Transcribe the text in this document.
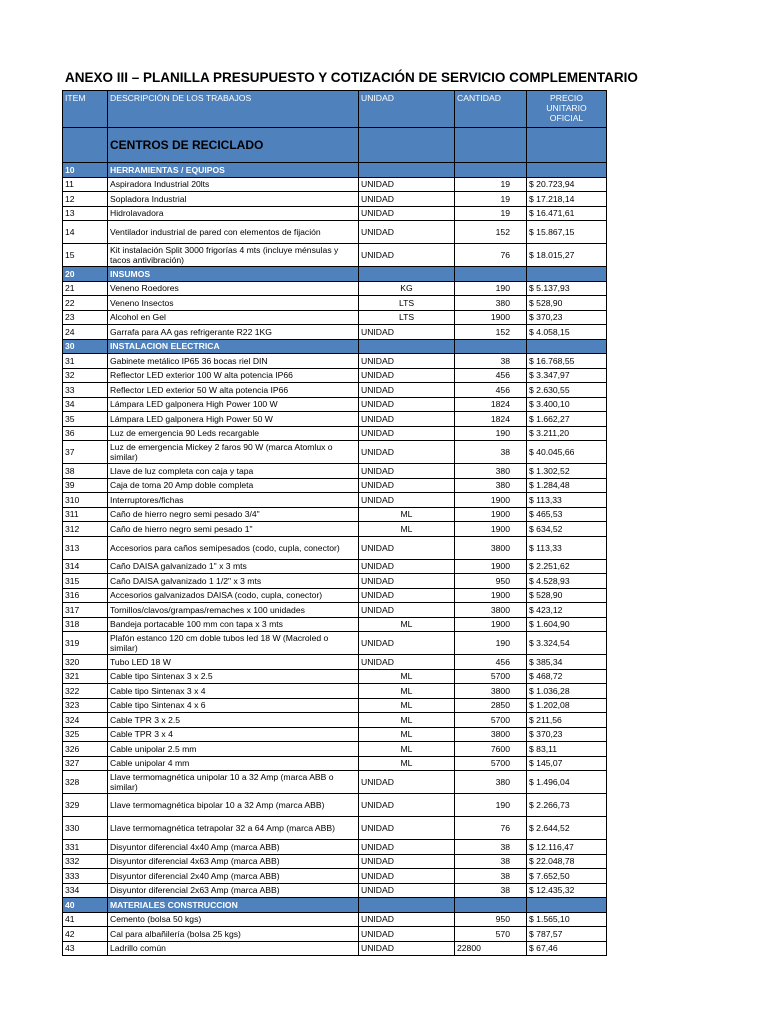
ANEXO III – PLANILLA PRESUPUESTO Y COTIZACIÓN DE SERVICIO COMPLEMENTARIO
ITEM	DESCRIPCIÓN DE LOS TRABAJOS	UNIDAD	CANTIDAD	PRECIO UNITARIO OFICIAL
	CENTROS DE RECICLADO			
10	HERRAMIENTAS / EQUIPOS			
11	Aspiradora Industrial 20lts	UNIDAD	19	$ 20.723,94
12	Sopladora Industrial	UNIDAD	19	$ 17.218,14
13	Hidrolavadora	UNIDAD	19	$ 16.471,61
14	Ventilador industrial de pared con elementos de fijación	UNIDAD	152	$ 15.867,15
15	Kit instalación Split 3000 frigorías 4 mts (incluye ménsulas y tacos antivibración)	UNIDAD	76	$ 18.015,27
20	INSUMOS			
21	Veneno Roedores	KG	190	$ 5.137,93
22	Veneno Insectos	LTS	380	$ 528,90
23	Alcohol en Gel	LTS	1900	$ 370,23
24	Garrafa para AA gas refrigerante R22 1KG	UNIDAD	152	$ 4.058,15
30	INSTALACION ELECTRICA			
31	Gabinete metálico IP65 36 bocas riel DIN	UNIDAD	38	$ 16.768,55
32	Reflector LED exterior 100 W alta potencia IP66	UNIDAD	456	$ 3.347,97
33	Reflector LED exterior 50 W alta potencia IP66	UNIDAD	456	$ 2.630,55
34	Lámpara LED galponera High Power 100 W	UNIDAD	1824	$ 3.400,10
35	Lámpara LED galponera High Power 50 W	UNIDAD	1824	$ 1.662,27
36	Luz de emergencia 90 Leds recargable	UNIDAD	190	$ 3.211,20
37	Luz de emergencia Mickey 2 faros 90 W (marca Atomlux o similar)	UNIDAD	38	$ 40.045,66
38	Llave de luz completa con caja y tapa	UNIDAD	380	$ 1.302,52
39	Caja de toma 20 Amp doble completa	UNIDAD	380	$ 1.284,48
310	Interruptores/fichas	UNIDAD	1900	$ 113,33
311	Caño de hierro negro semi pesado 3/4"	ML	1900	$ 465,53
312	Caño de hierro negro semi pesado 1"	ML	1900	$ 634,52
313	Accesorios para caños semipesados (codo, cupla, conector)	UNIDAD	3800	$ 113,33
314	Caño DAISA galvanizado 1" x 3 mts	UNIDAD	1900	$ 2.251,62
315	Caño DAISA galvanizado 1 1/2" x 3 mts	UNIDAD	950	$ 4.528,93
316	Accesorios galvanizados DAISA (codo, cupla, conector)	UNIDAD	1900	$ 528,90
317	Tornillos/clavos/grampas/remaches x 100 unidades	UNIDAD	3800	$ 423,12
318	Bandeja portacable 100 mm con tapa x 3 mts	ML	1900	$ 1.604,90
319	Plafón estanco 120 cm doble tubos led 18 W (Macroled o similar)	UNIDAD	190	$ 3.324,54
320	Tubo LED 18 W	UNIDAD	456	$ 385,34
321	Cable tipo Sintenax 3 x 2.5	ML	5700	$ 468,72
322	Cable tipo Sintenax 3 x 4	ML	3800	$ 1.036,28
323	Cable tipo Sintenax 4 x 6	ML	2850	$ 1.202,08
324	Cable TPR 3 x 2.5	ML	5700	$ 211,56
325	Cable TPR 3 x 4	ML	3800	$ 370,23
326	Cable unipolar 2.5 mm	ML	7600	$ 83,11
327	Cable unipolar 4 mm	ML	5700	$ 145,07
328	Llave termomagnética unipolar 10 a 32 Amp (marca ABB o similar)	UNIDAD	380	$ 1.496,04
329	Llave termomagnética bipolar 10 a 32 Amp (marca ABB)	UNIDAD	190	$ 2.266,73
330	Llave termomagnética tetrapolar 32 a 64 Amp (marca ABB)	UNIDAD	76	$ 2.644,52
331	Disyuntor diferencial 4x40 Amp (marca ABB)	UNIDAD	38	$ 12.116,47
332	Disyuntor diferencial 4x63 Amp (marca ABB)	UNIDAD	38	$ 22.048,78
333	Disyuntor diferencial 2x40 Amp (marca ABB)	UNIDAD	38	$ 7.652,50
334	Disyuntor diferencial 2x63 Amp (marca ABB)	UNIDAD	38	$ 12.435,32
40	MATERIALES CONSTRUCCION			
41	Cemento (bolsa 50 kgs)	UNIDAD	950	$ 1.565,10
42	Cal para albañilería (bolsa 25 kgs)	UNIDAD	570	$ 787,57
43	Ladrillo común	UNIDAD	22800	$ 67,46
